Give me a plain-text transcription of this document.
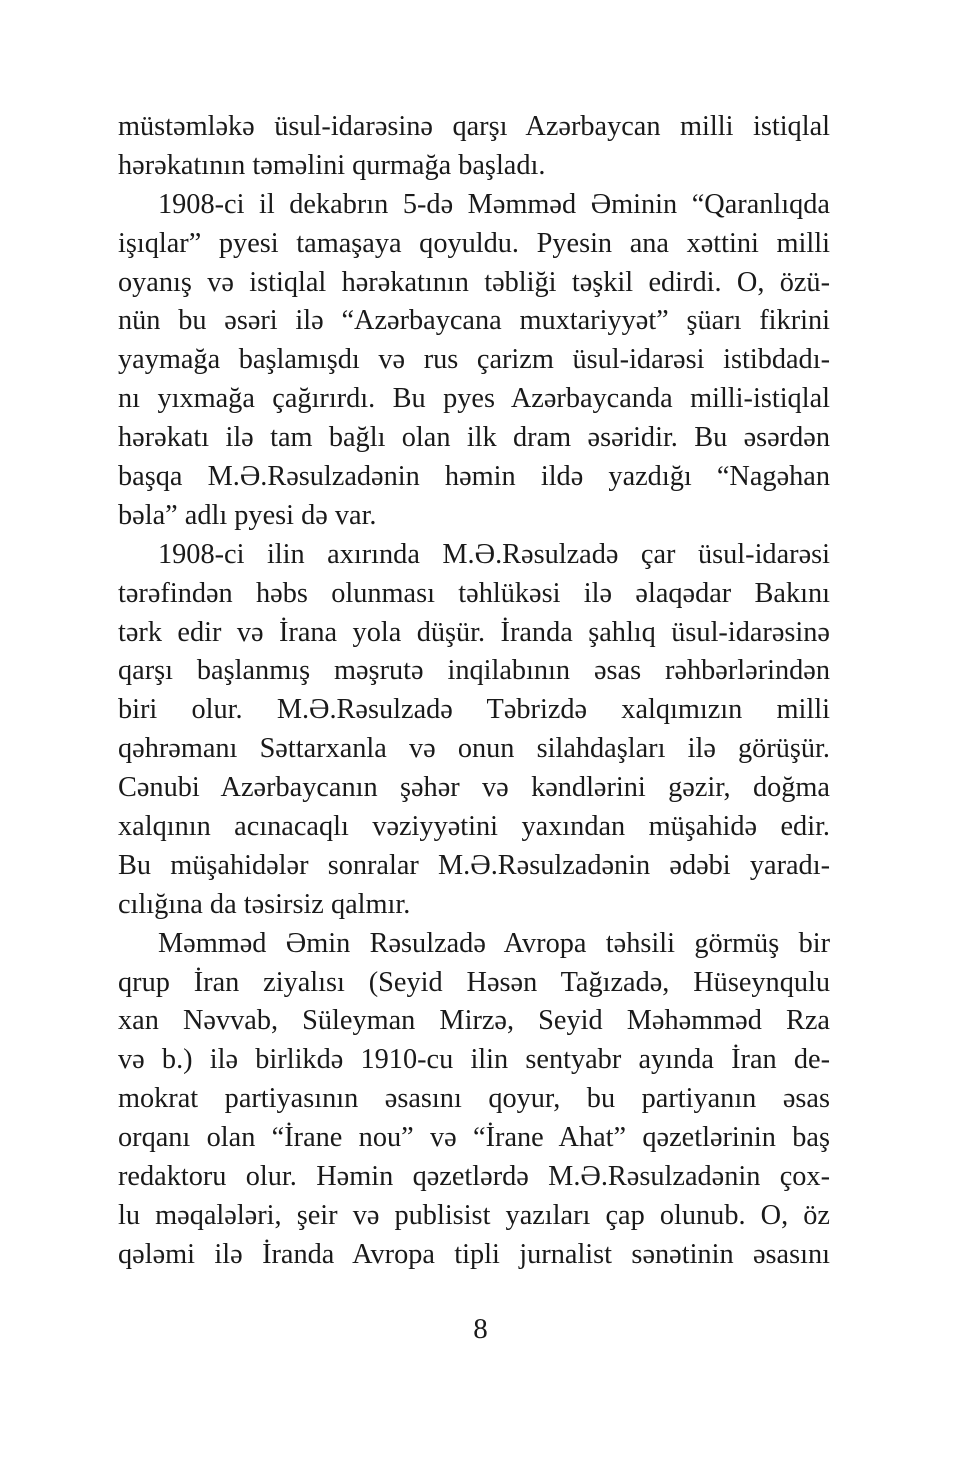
müstəmləkə üsul-idarəsinə qarşı Azərbaycan milli istiqlal
hərəkatının təməlini qurmağa başladı.
1908-ci il dekabrın 5-də Məmməd Əminin “Qaranlıqda
işıqlar” pyesi tamaşaya qoyuldu. Pyesin ana xəttini milli
oyanış və istiqlal hərəkatının təbliği təşkil edirdi. O, özü-
nün bu əsəri ilə “Azərbaycana muxtariyyət” şüarı fikrini
yaymağa başlamışdı və rus çarizm üsul-idarəsi istibdadı-
nı yıxmağa çağırırdı. Bu pyes Azərbaycanda milli-istiqlal
hərəkatı ilə tam bağlı olan ilk dram əsəridir. Bu əsərdən
başqa M.Ə.Rəsulzadənin həmin ildə yazdığı “Nagəhan
bəla” adlı pyesi də var.
1908-ci ilin axırında M.Ə.Rəsulzadə çar üsul-idarəsi
tərəfindən həbs olunması təhlükəsi ilə əlaqədar Bakını
tərk edir və İrana yola düşür. İranda şahlıq üsul-idarəsinə
qarşı başlanmış məşrutə inqilabının əsas rəhbərlərindən
biri olur. M.Ə.Rəsulzadə Təbrizdə xalqımızın milli
qəhrəmanı Səttarxanla və onun silahdaşları ilə görüşür.
Cənubi Azərbaycanın şəhər və kəndlərini gəzir, doğma
xalqının acınacaqlı vəziyyətini yaxından müşahidə edir.
Bu müşahidələr sonralar M.Ə.Rəsulzadənin ədəbi yaradı-
cılığına da təsirsiz qalmır.
Məmməd Əmin Rəsulzadə Avropa təhsili görmüş bir
qrup İran ziyalısı (Seyid Həsən Tağızadə, Hüseynqulu
xan Nəvvab, Süleyman Mirzə, Seyid Məhəmməd Rza
və b.) ilə birlikdə 1910-cu ilin sentyabr ayında İran de-
mokrat partiyasının əsasını qoyur, bu partiyanın əsas
orqanı olan “İrane nou” və “İrane Ahat” qəzetlərinin baş
redaktoru olur. Həmin qəzetlərdə M.Ə.Rəsulzadənin çox-
lu məqalələri, şeir və publisist yazıları çap olunub. O, öz
qələmi ilə İranda Avropa tipli jurnalist sənətinin əsasını
8
